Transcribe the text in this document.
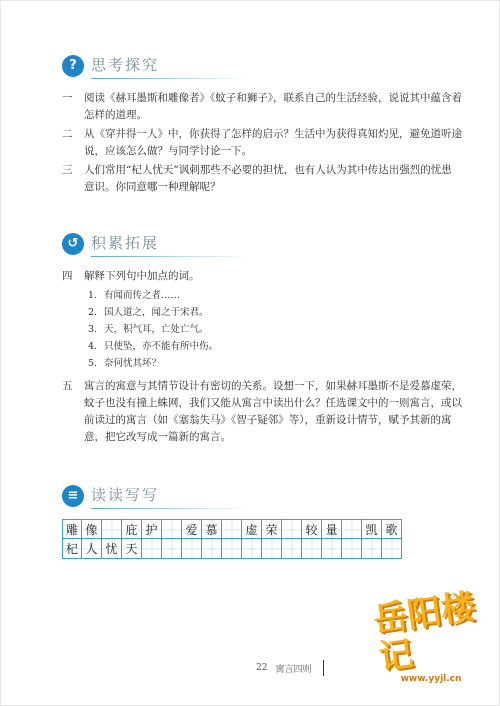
? 思考探究
一	阅读《赫耳墨斯和雕像者》《蚊子和狮子》，联系自己的生活经验，说说其中蕴含着怎样的道理。
二	从《穿井得一人》中，你获得了怎样的启示？生活中为获得真知灼见，避免道听途说，应该怎么做？与同学讨论一下。
三	人们常用“杞人忧天”讽刺那些不必要的担忧，也有人认为其中传达出强烈的忧患意识。你同意哪一种理解呢？
↺ 积累拓展
四	解释下列句中加点的词。
1. 有闻而传之者……
2. 国人道之，闻之于宋君。
3. 天，积气耳，亡处亡气。
4. 只使坠，亦不能有所中伤。
5. 奈何忧其坏？
五	寓言的寓意与其情节设计有密切的关系。设想一下，如果赫耳墨斯不是爱慕虚荣，蚊子也没有撞上蛛网，我们又能从寓言中读出什么？任选课文中的一则寓言，或以前读过的寓言（如《塞翁失马》《智子疑邻》等），重新设计情节，赋予其新的寓意，把它改写成一篇新的寓言。
≡ 读读写写
雕 像	庇 护	爱 慕	虚 荣	较 量	凯 歌
杞 人 忧 天
22 寓言四则
岳阳楼记
www.yyjl.cn
